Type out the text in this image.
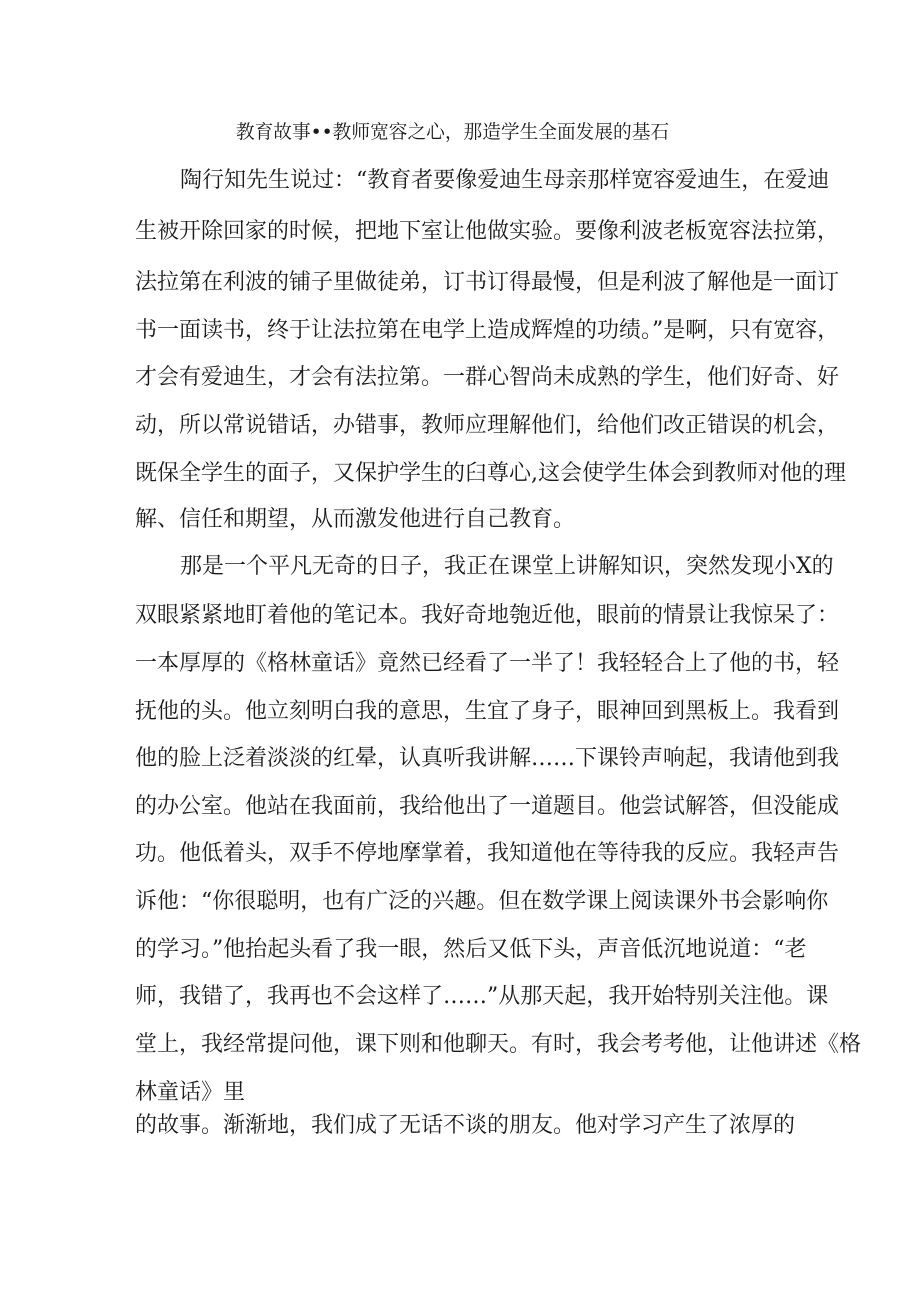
教育故事••教师宽容之心，那造学生全面发展的基石
陶行知先生说过：“教育者要像爱迪生母亲那样宽容爱迪生，在爱迪
生被开除回家的时候，把地下室让他做实验。要像利波老板宽容法拉第，
法拉第在利波的铺子里做徒弟，订书订得最慢，但是利波了解他是一面订
书一面读书，终于让法拉第在电学上造成辉煌的功绩。”是啊，只有宽容，
才会有爱迪生，才会有法拉第。一群心智尚未成熟的学生，他们好奇、好
动，所以常说错话，办错事，教师应理解他们，给他们改正错误的机会，
既保全学生的面子，又保护学生的臼尊心,这会使学生体会到教师对他的理
解、信任和期望，从而激发他进行自己教育。
那是一个平凡无奇的日子，我正在课堂上讲解知识，突然发现小X的
双眼紧紧地盯着他的笔记本。我好奇地匏近他，眼前的情景让我惊呆了：
一本厚厚的《格林童话》竟然已经看了一半了！我轻轻合上了他的书，轻
抚他的头。他立刻明白我的意思，生宜了身子，眼神回到黑板上。我看到
他的脸上泛着淡淡的红晕，认真听我讲解……下课铃声响起，我请他到我
的办公室。他站在我面前，我给他出了一道题目。他尝试解答，但没能成
功。他低着头，双手不停地摩掌着，我知道他在等待我的反应。我轻声告
诉他：“你很聪明，也有广泛的兴趣。但在数学课上阅读课外书会影响你
的学习。”他抬起头看了我一眼，然后又低下头，声音低沉地说道：“老
师，我错了，我再也不会这样了……”从那天起，我开始特别关注他。课
堂上，我经常提问他，课下则和他聊天。有时，我会考考他，让他讲述《格
林童话》里
的故事。渐渐地，我们成了无话不谈的朋友。他对学习产生了浓厚的
